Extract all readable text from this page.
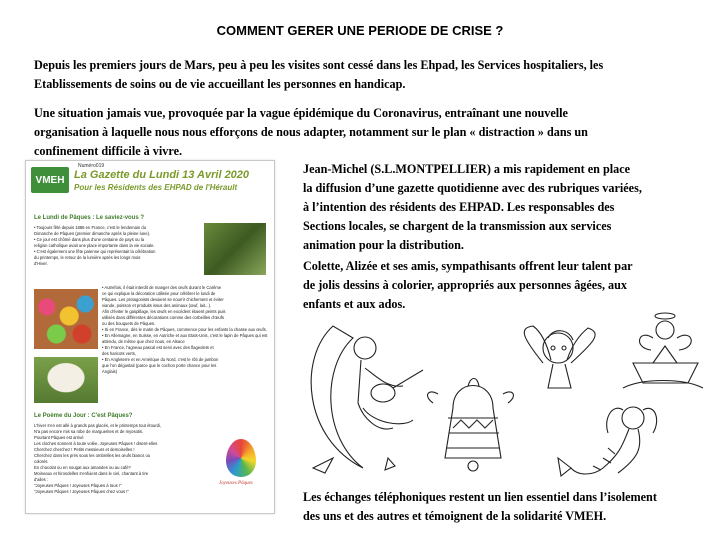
COMMENT GERER UNE PERIODE DE CRISE ?
Depuis les premiers jours de Mars, peu à peu les visites sont cessé dans les Ehpad, les Services hospitaliers, les
Etablissements de soins ou de vie accueillant les personnes en handicap.
Une situation jamais vue, provoquée par la vague épidémique du Coronavirus, entraînant une nouvelle
organisation à laquelle nous nous efforçons de nous adapter, notamment sur le plan « distraction » dans un
confinement difficile à vivre.
VMEH
Numéro019
La Gazette du Lundi 13 Avril 2020
Pour les Résidents des EHPAD de l'Hérault
Le Lundi de Pâques : Le saviez-vous ?
• Toujours fêté depuis 1886 en France, c'est le lendemain du
Dimanche de Pâques (premier dimanche après la pleine lune).
• Ce jour est chômé dans plus d'une centaine de pays ou la
religion catholique avait une place importante dans la vie sociale.
• C'est également une fête païenne qui représentait la célébration
du printemps, le retour de la lumière après les longs mois
d'Hiver.
• Autrefois, il était interdit de manger des œufs durant le Carême
ce qui explique la décoration utilisée pour célébrer le lundi de
Pâques. Les protagonists devaient se nourrir chichement et éviter
viande, poisson et produits issus des animaux (œuf, lait...).
Afin d'éviter le gaspillage, les œufs en excédent étaient peints puis
utilisés dans différentes décorations comme des corbeilles d'œufs
ou des bouquets de Pâques.
• Si en France, dès le matin de Pâques, commence pour les enfants la chasse aux œufs.
• En Allemagne, en Suisse, en Autriche et aux Etats-Unis, c'est le lapin de Pâques qui est
attendu, de même que chez nous, en Alsace
• En France, l'agneau pascal est servi avec des flageolets et
des haricots verts,
• En Angleterre et en Amérique du Nord, c'est le rôti de jambon
que l'on dégustait (parce que le cochon porte chance pour les
Anglais)
Le Poème du Jour : C'est Pâques?
L'hiver s'en est allé à grands pas glacés, et le printemps tout étourdi,
N'a pas encore mis sa robe de marguerites et de myosotis.
Pourtant Pâques est arrivé
Les cloches sonnent à toute volée, Joyeuses Pâques ! disent-elles
Cherchez cherchez ! Petits messieurs et demoiselles !
Cherchez dans les prés sous les ombrelles les œufs blancs ou
colorés
En chocolat ou en nougat aux amandes ou au café?
Moineaux et hirondelles s'enfuient dans le ciel, chantant à tire
d'ailes :
"Joyeuses Pâques ! Joyeuses Pâques à tous !"
"Joyeuses Pâques ! Joyeuses Pâques chez vous !"
Joyeuses Pâques
Jean-Michel (S.L.MONTPELLIER) a mis rapidement en place
la diffusion d’une gazette quotidienne avec des rubriques variées,
à l’intention des résidents des EHPAD. Les responsables des
Sections locales, se chargent de la transmission aux services
animation pour la distribution.
Colette, Alizée et ses amis, sympathisants offrent leur talent par
de jolis dessins à colorier, appropriés aux personnes âgées, aux
enfants et aux ados.
Les échanges téléphoniques restent un lien essentiel dans l’isolement
des uns et des autres et témoignent de la solidarité VMEH.
